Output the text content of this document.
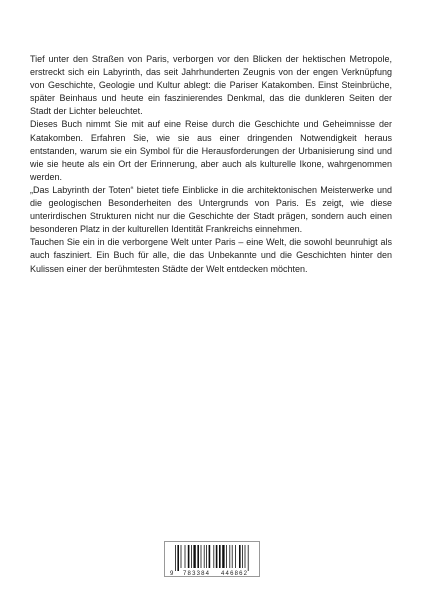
Tief unter den Straßen von Paris, verborgen vor den Blicken der hektischen Metropole, erstreckt sich ein Labyrinth, das seit Jahrhunderten Zeugnis von der engen Verknüpfung von Geschichte, Geologie und Kultur ablegt: die Pariser Katakomben. Einst Steinbrüche, später Beinhaus und heute ein faszinierendes Denkmal, das die dunkleren Seiten der Stadt der Lichter beleuchtet.

Dieses Buch nimmt Sie mit auf eine Reise durch die Geschichte und Geheimnisse der Katakomben. Erfahren Sie, wie sie aus einer dringenden Notwendigkeit heraus entstanden, warum sie ein Symbol für die Herausforderungen der Urbanisierung sind und wie sie heute als ein Ort der Erinnerung, aber auch als kulturelle Ikone, wahrgenommen werden.

„Das Labyrinth der Toten“ bietet tiefe Einblicke in die architektonischen Meisterwerke und die geologischen Besonderheiten des Untergrunds von Paris. Es zeigt, wie diese unterirdischen Strukturen nicht nur die Geschichte der Stadt prägen, sondern auch einen besonderen Platz in der kulturellen Identität Frankreichs einnehmen.

Tauchen Sie ein in die verborgene Welt unter Paris – eine Welt, die sowohl beunruhigt als auch fasziniert. Ein Buch für alle, die das Unbekannte und die Geschichten hinter den Kulissen einer der berühmtesten Städte der Welt entdecken möchten.

9 783384 446862
